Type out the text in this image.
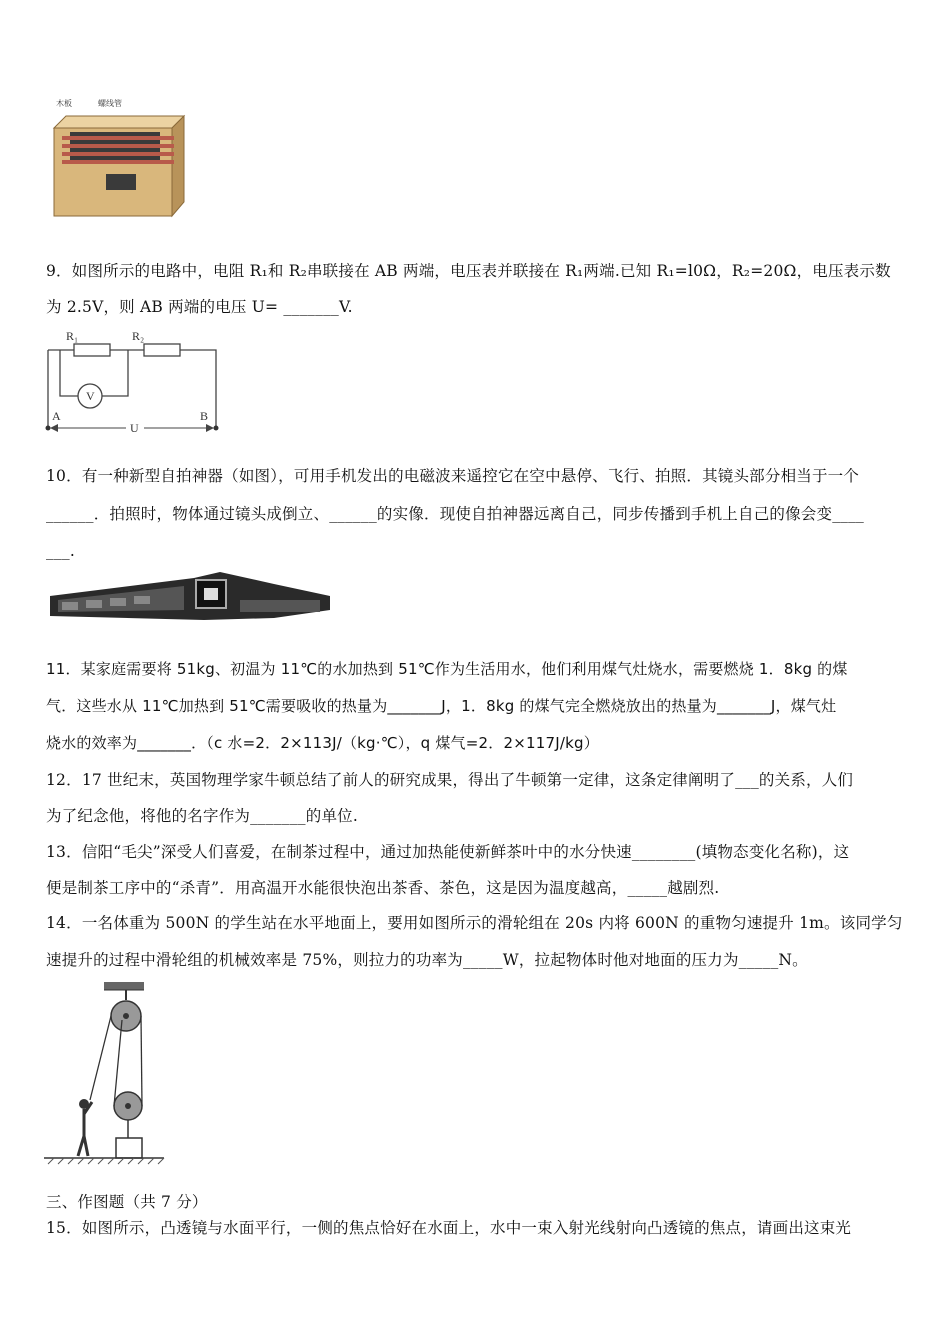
木板	螺线管
9．如图所示的电路中，电阻 R₁和 R₂串联接在 AB 两端，电压表并联接在 R₁两端.已知 R₁=l0Ω，R₂=20Ω，电压表示数
为 2.5V，则 AB 两端的电压 U= _______V.
R₁	R₂
V
A	B
U
10．有一种新型自拍神器（如图），可用手机发出的电磁波来遥控它在空中悬停、飞行、拍照．其镜头部分相当于一个
______．拍照时，物体通过镜头成倒立、______的实像．现使自拍神器远离自己，同步传播到手机上自己的像会变____
___.
11．某家庭需要将 51kg、初温为 11℃的水加热到 51℃作为生活用水，他们利用煤气灶烧水，需要燃烧 1．8kg 的煤
气．这些水从 11℃加热到 51℃需要吸收的热量为_______J，1．8kg 的煤气完全燃烧放出的热量为_______J，煤气灶
烧水的效率为_______．（c 水=2．2×113J/（kg·℃），q 煤气=2．2×117J/kg）
12．17 世纪末，英国物理学家牛顿总结了前人的研究成果，得出了牛顿第一定律，这条定律阐明了___的关系，人们
为了纪念他，将他的名字作为_______的单位.
13．信阳“毛尖”深受人们喜爱，在制茶过程中，通过加热能使新鲜茶叶中的水分快速________(填物态变化名称)，这
便是制茶工序中的“杀青”．用高温开水能很快泡出茶香、茶色，这是因为温度越高，_____越剧烈.
14．一名体重为 500N 的学生站在水平地面上，要用如图所示的滑轮组在 20s 内将 600N 的重物匀速提升 1m。该同学匀
速提升的过程中滑轮组的机械效率是 75%，则拉力的功率为_____W，拉起物体时他对地面的压力为_____N。
三、作图题（共 7 分）
15．如图所示，凸透镜与水面平行，一侧的焦点恰好在水面上，水中一束入射光线射向凸透镜的焦点，请画出这束光
